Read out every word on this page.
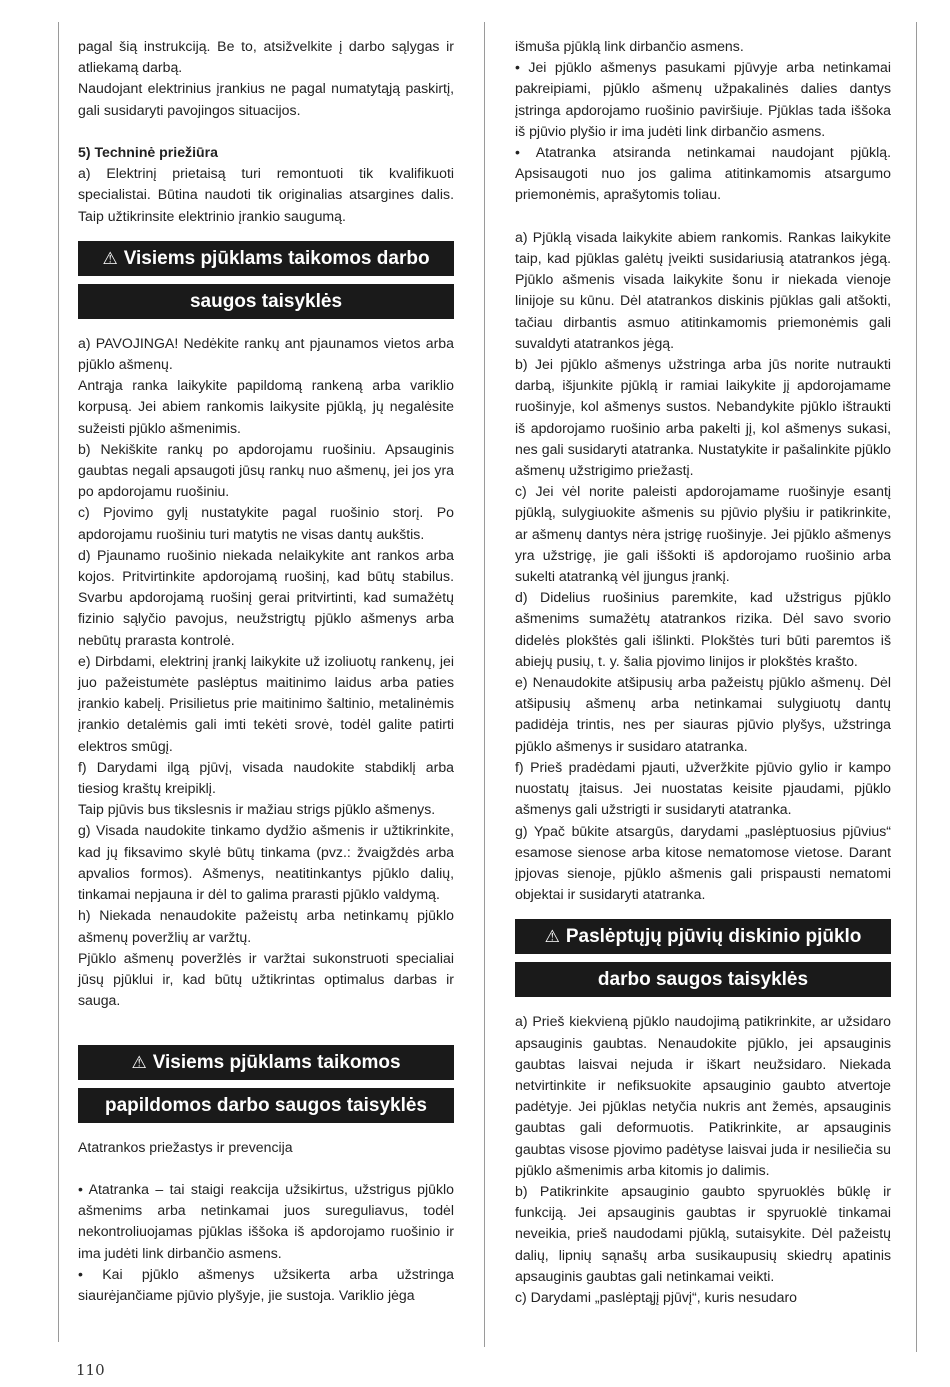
pagal šią instrukciją. Be to, atsižvelkite į darbo sąlygas ir atliekamą darbą.

Naudojant elektrinius įrankius ne pagal numatytąją paskirtį, gali susidaryti pavojingos situacijos.

5) Techninė priežiūra

a) Elektrinį prietaisą turi remontuoti tik kvalifikuoti specialistai. Būtina naudoti tik originalias atsargines dalis. Taip užtikrinsite elektrinio įrankio saugumą.

⚠ Visiems pjūklams taikomos darbo
saugos taisyklės

a) PAVOJINGA! Nedėkite rankų ant pjaunamos vietos arba pjūklo ašmenų.

Antrąja ranka laikykite papildomą rankeną arba variklio korpusą. Jei abiem rankomis laikysite pjūklą, jų negalėsite sužeisti pjūklo ašmenimis.

b) Nekiškite rankų po apdorojamu ruošiniu. Apsauginis gaubtas negali apsaugoti jūsų rankų nuo ašmenų, jei jos yra po apdorojamu ruošiniu.

c) Pjovimo gylį nustatykite pagal ruošinio storį. Po apdorojamu ruošiniu turi matytis ne visas dantų aukštis.

d) Pjaunamo ruošinio niekada nelaikykite ant rankos arba kojos. Pritvirtinkite apdorojamą ruošinį, kad būtų stabilus. Svarbu apdorojamą ruošinį gerai pritvirtinti, kad sumažėtų fizinio sąlyčio pavojus, neužstrigtų pjūklo ašmenys arba nebūtų prarasta kontrolė.

e) Dirbdami, elektrinį įrankį laikykite už izoliuotų rankenų, jei juo pažeistumėte paslėptus maitinimo laidus arba paties įrankio kabelį. Prisilietus prie maitinimo šaltinio, metalinėmis įrankio detalėmis gali imti tekėti srovė, todėl galite patirti elektros smūgį.

f) Darydami ilgą pjūvį, visada naudokite stabdiklį arba tiesiog kraštų kreipiklį.

Taip pjūvis bus tikslesnis ir mažiau strigs pjūklo ašmenys.

g) Visada naudokite tinkamo dydžio ašmenis ir užtikrinkite, kad jų fiksavimo skylė būtų tinkama (pvz.: žvaigždės arba apvalios formos). Ašmenys, neatitinkantys pjūklo dalių, tinkamai nepjauna ir dėl to galima prarasti pjūklo valdymą.

h) Niekada nenaudokite pažeistų arba netinkamų pjūklo ašmenų poveržlių ar varžtų.

Pjūklo ašmenų poveržlės ir varžtai sukonstruoti specialiai jūsų pjūklui ir, kad būtų užtikrintas optimalus darbas ir sauga.

⚠ Visiems pjūklams taikomos
papildomos darbo saugos taisyklės

Atatrankos priežastys ir prevencija

• Atatranka – tai staigi reakcija užsikirtus, užstrigus pjūklo ašmenims arba netinkamai juos sureguliavus, todėl nekontroliuojamas pjūklas iššoka iš apdorojamo ruošinio ir ima judėti link dirbančio asmens.

• Kai pjūklo ašmenys užsikerta arba užstringa siaurėjančiame pjūvio plyšyje, jie sustoja. Variklio jėga

išmuša pjūklą link dirbančio asmens.

• Jei pjūklo ašmenys pasukami pjūvyje arba netinkamai pakreipiami, pjūklo ašmenų užpakalinės dalies dantys įstringa apdorojamo ruošinio paviršiuje. Pjūklas tada iššoka iš pjūvio plyšio ir ima judėti link dirbančio asmens.

• Atatranka atsiranda netinkamai naudojant pjūklą. Apsisaugoti nuo jos galima atitinkamomis atsargumo priemonėmis, aprašytomis toliau.

a) Pjūklą visada laikykite abiem rankomis. Rankas laikykite taip, kad pjūklas galėtų įveikti susidariusią atatrankos jėgą. Pjūklo ašmenis visada laikykite šonu ir niekada vienoje linijoje su kūnu. Dėl atatrankos diskinis pjūklas gali atšokti, tačiau dirbantis asmuo atitinkamomis priemonėmis gali suvaldyti atatrankos jėgą.

b) Jei pjūklo ašmenys užstringa arba jūs norite nutraukti darbą, išjunkite pjūklą ir ramiai laikykite jį apdorojamame ruošinyje, kol ašmenys sustos. Nebandykite pjūklo ištraukti iš apdorojamo ruošinio arba pakelti jį, kol ašmenys sukasi, nes gali susidaryti atatranka. Nustatykite ir pašalinkite pjūklo ašmenų užstrigimo priežastį.

c) Jei vėl norite paleisti apdorojamame ruošinyje esantį pjūklą, sulygiuokite ašmenis su pjūvio plyšiu ir patikrinkite, ar ašmenų dantys nėra įstrigę ruošinyje. Jei pjūklo ašmenys yra užstrigę, jie gali iššokti iš apdorojamo ruošinio arba sukelti atatranką vėl įjungus įrankį.

d) Didelius ruošinius paremkite, kad užstrigus pjūklo ašmenims sumažėtų atatrankos rizika. Dėl savo svorio didelės plokštės gali išlinkti. Plokštės turi būti paremtos iš abiejų pusių, t. y. šalia pjovimo linijos ir plokštės krašto.

e) Nenaudokite atšipusių arba pažeistų pjūklo ašmenų. Dėl atšipusių ašmenų arba netinkamai sulygiuotų dantų padidėja trintis, nes per siauras pjūvio plyšys, užstringa pjūklo ašmenys ir susidaro atatranka.

f) Prieš pradėdami pjauti, užveržkite pjūvio gylio ir kampo nuostatų įtaisus. Jei nuostatas keisite pjaudami, pjūklo ašmenys gali užstrigti ir susidaryti atatranka.

g) Ypač būkite atsargūs, darydami „paslėptuosius pjūvius“ esamose sienose arba kitose nematomose vietose. Darant įpjovas sienoje, pjūklo ašmenis gali prispausti nematomi objektai ir susidaryti atatranka.

⚠ Paslėptųjų pjūvių diskinio pjūklo
darbo saugos taisyklės

a) Prieš kiekvieną pjūklo naudojimą patikrinkite, ar užsidaro apsauginis gaubtas. Nenaudokite pjūklo, jei apsauginis gaubtas laisvai nejuda ir iškart neužsidaro. Niekada netvirtinkite ir nefiksuokite apsauginio gaubto atvertoje padėtyje. Jei pjūklas netyčia nukris ant žemės, apsauginis gaubtas gali deformuotis. Patikrinkite, ar apsauginis gaubtas visose pjovimo padėtyse laisvai juda ir nesiliečia su pjūklo ašmenimis arba kitomis jo dalimis.

b) Patikrinkite apsauginio gaubto spyruoklės būklę ir funkciją. Jei apsauginis gaubtas ir spyruoklė tinkamai neveikia, prieš naudodami pjūklą, sutaisykite. Dėl pažeistų dalių, lipnių sąnašų arba susikaupusių skiedrų apatinis apsauginis gaubtas gali netinkamai veikti.

c) Darydami „paslėptąjį pjūvį“, kuris nesudaro

110
